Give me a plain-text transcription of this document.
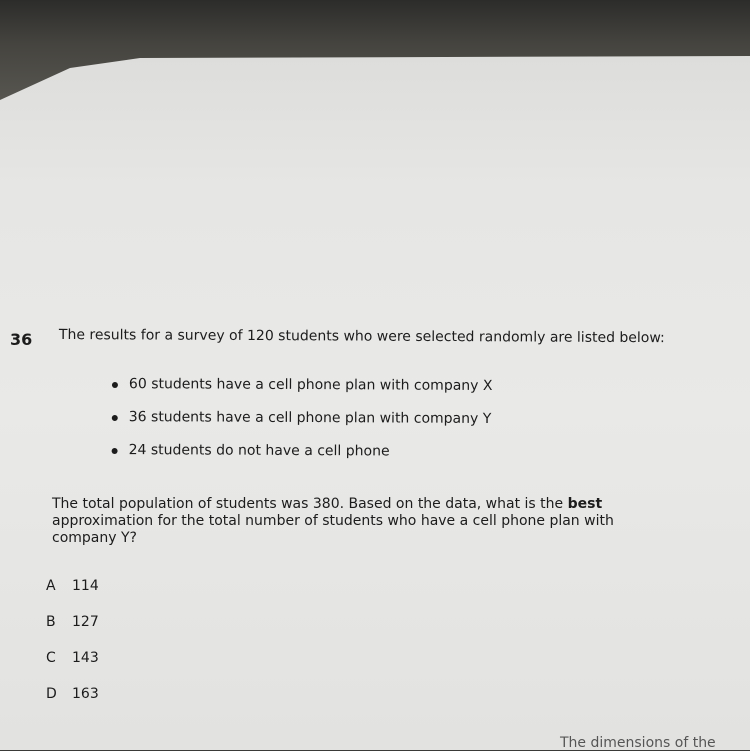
The dimensions of the
36 The results for a survey of 120 students who were selected randomly are listed below:
60 students have a cell phone plan with company X
36 students have a cell phone plan with company Y
24 students do not have a cell phone
The total population of students was 380. Based on the data, what is the best
approximation for the total number of students who have a cell phone plan with
company Y?
A	114
B	127
C	143
D	163
